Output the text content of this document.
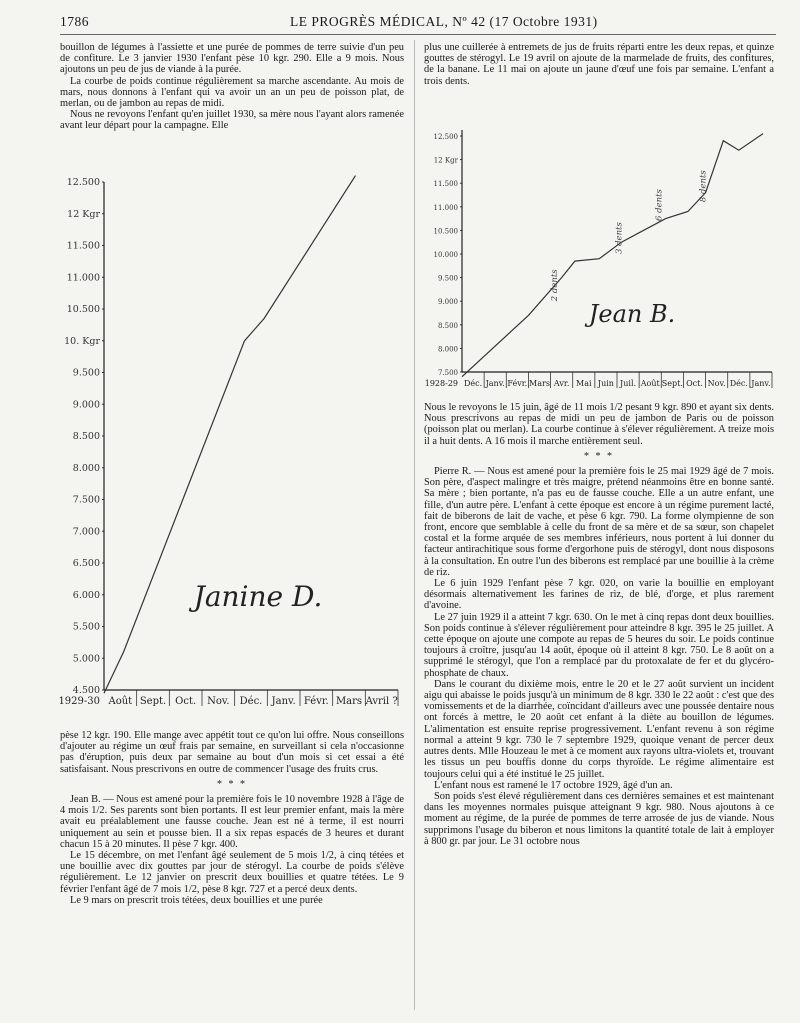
1786	LE PROGRÈS MÉDICAL, Nº 42 (17 Octobre 1931)

bouillon de légumes à l'assiette et une purée de pommes de terre suivie d'un peu de confiture. Le 3 janvier 1930 l'enfant pèse 10 kgr. 290. Elle a 9 mois. Nous ajoutons un peu de jus de viande à la purée.

La courbe de poids continue régulièrement sa marche ascendante. Au mois de mars, nous donnons à l'enfant qui va avoir un an un peu de poisson plat, de merlan, ou de jambon au repas de midi.

Nous ne revoyons l'enfant qu'en juillet 1930, sa mère nous l'ayant alors ramenée avant leur départ pour la campagne. Elle

12.500
12 Kgr
11.500
11.000
10.500
10. Kgr
9.500
9.000
8.500
8.000
7.500
7.000
6.500
6.000
5.500
5.000
4.500
1929-30 Août Sept. Oct. Nov. Déc. Janv. Févr. Mars Avril ?
Janine D.

pèse 12 kgr. 190. Elle mange avec appétit tout ce qu'on lui offre. Nous conseillons d'ajouter au régime un œuf frais par semaine, en surveillant si cela n'occasionne pas d'éruption, puis deux par semaine au bout d'un mois si cet essai a été satisfaisant. Nous prescrivons en outre de commencer l'usage des fruits crus.

* * *

Jean B. — Nous est amené pour la première fois le 10 novembre 1928 à l'âge de 4 mois 1/2. Ses parents sont bien portants. Il est leur premier enfant, mais la mère avait eu préalablement une fausse couche. Jean est né à terme, il est nourri uniquement au sein et pousse bien. Il a six repas espacés de 3 heures et durant chacun 15 à 20 minutes. Il pèse 7 kgr. 400.

Le 15 décembre, on met l'enfant âgé seulement de 5 mois 1/2, à cinq tétées et une bouillie avec dix gouttes par jour de stérogyl. La courbe de poids s'élève régulièrement. Le 12 janvier on prescrit deux bouillies et quatre tétées. Le 9 février l'enfant âgé de 7 mois 1/2, pèse 8 kgr. 727 et a percé deux dents.

Le 9 mars on prescrit trois tétées, deux bouillies et une purée

plus une cuillerée à entremets de jus de fruits réparti entre les deux repas, et quinze gouttes de stérogyl. Le 19 avril on ajoute de la marmelade de fruits, des confitures, de la banane. Le 11 mai on ajoute un jaune d'œuf une fois par semaine. L'enfant a trois dents.

12.500
12 Kgr
11.500
11.000
10.500
10.000
9.500
9.000
8.500
8.000
7.500
1928-29 Déc. Janv. Févr. Mars Avr. Mai Juin Juil. Août Sept. Oct. Nov. Déc. Janv.
2 dents
3 dents
6 dents
8 dents
Jean B.

Nous le revoyons le 15 juin, âgé de 11 mois 1/2 pesant 9 kgr. 890 et ayant six dents. Nous prescrivons au repas de midi un peu de jambon de Paris ou de poisson (poisson plat ou merlan). La courbe continue à s'élever régulièrement. A treize mois il a huit dents. A 16 mois il marche entièrement seul.

* * *

Pierre R. — Nous est amené pour la première fois le 25 mai 1929 âgé de 7 mois. Son père, d'aspect malingre et très maigre, prétend néanmoins être en bonne santé. Sa mère ; bien portante, n'a pas eu de fausse couche. Elle a un autre enfant, une fille, d'un autre père. L'enfant à cette époque est encore à un régime purement lacté, fait de biberons de lait de vache, et pèse 6 kgr. 790. La forme olympienne de son front, encore que semblable à celle du front de sa mère et de sa sœur, son chapelet costal et la forme arquée de ses membres inférieurs, nous portent à lui donner du facteur antirachitique sous forme d'ergorhone puis de stérogyl, dont nous disposons à la consultation. En outre l'un des biberons est remplacé par une bouillie à la crème de riz.

Le 6 juin 1929 l'enfant pèse 7 kgr. 020, on varie la bouillie en employant désormais alternativement les farines de riz, de blé, d'orge, et plus rarement d'avoine.

Le 27 juin 1929 il a atteint 7 kgr. 630. On le met à cinq repas dont deux bouillies. Son poids continue à s'élever régulièrement pour atteindre 8 kgr. 395 le 25 juillet. A cette époque on ajoute une compote au repas de 5 heures du soir. Le poids continue toujours à croître, jusqu'au 14 août, époque où il atteint 8 kgr. 750. Le 8 août on a supprimé le stérogyl, que l'on a remplacé par du protoxalate de fer et du glycéro-phosphate de chaux.

Dans le courant du dixième mois, entre le 20 et le 27 août survient un incident aigu qui abaisse le poids jusqu'à un minimum de 8 kgr. 330 le 22 août : c'est que des vomissements et de la diarrhée, coïncidant d'ailleurs avec une poussée dentaire nous ont forcés à mettre, le 20 août cet enfant à la diète au bouillon de légumes. L'alimentation est ensuite reprise progressivement. L'enfant revenu à son régime normal a atteint 9 kgr. 730 le 7 septembre 1929, quoique venant de percer deux autres dents. Mlle Houzeau le met à ce moment aux rayons ultra-violets et, trouvant les tissus un peu bouffis donne du corps thyroïde. Le régime alimentaire est toujours celui qui a été institué le 25 juillet.

L'enfant nous est ramené le 17 octobre 1929, âgé d'un an.

Son poids s'est élevé régulièrement dans ces dernières semaines et est maintenant dans les moyennes normales puisque atteignant 9 kgr. 980. Nous ajoutons à ce moment au régime, de la purée de pommes de terre arrosée de jus de viande. Nous supprimons l'usage du biberon et nous limitons la quantité totale de lait à employer à 800 gr. par jour. Le 31 octobre nous
